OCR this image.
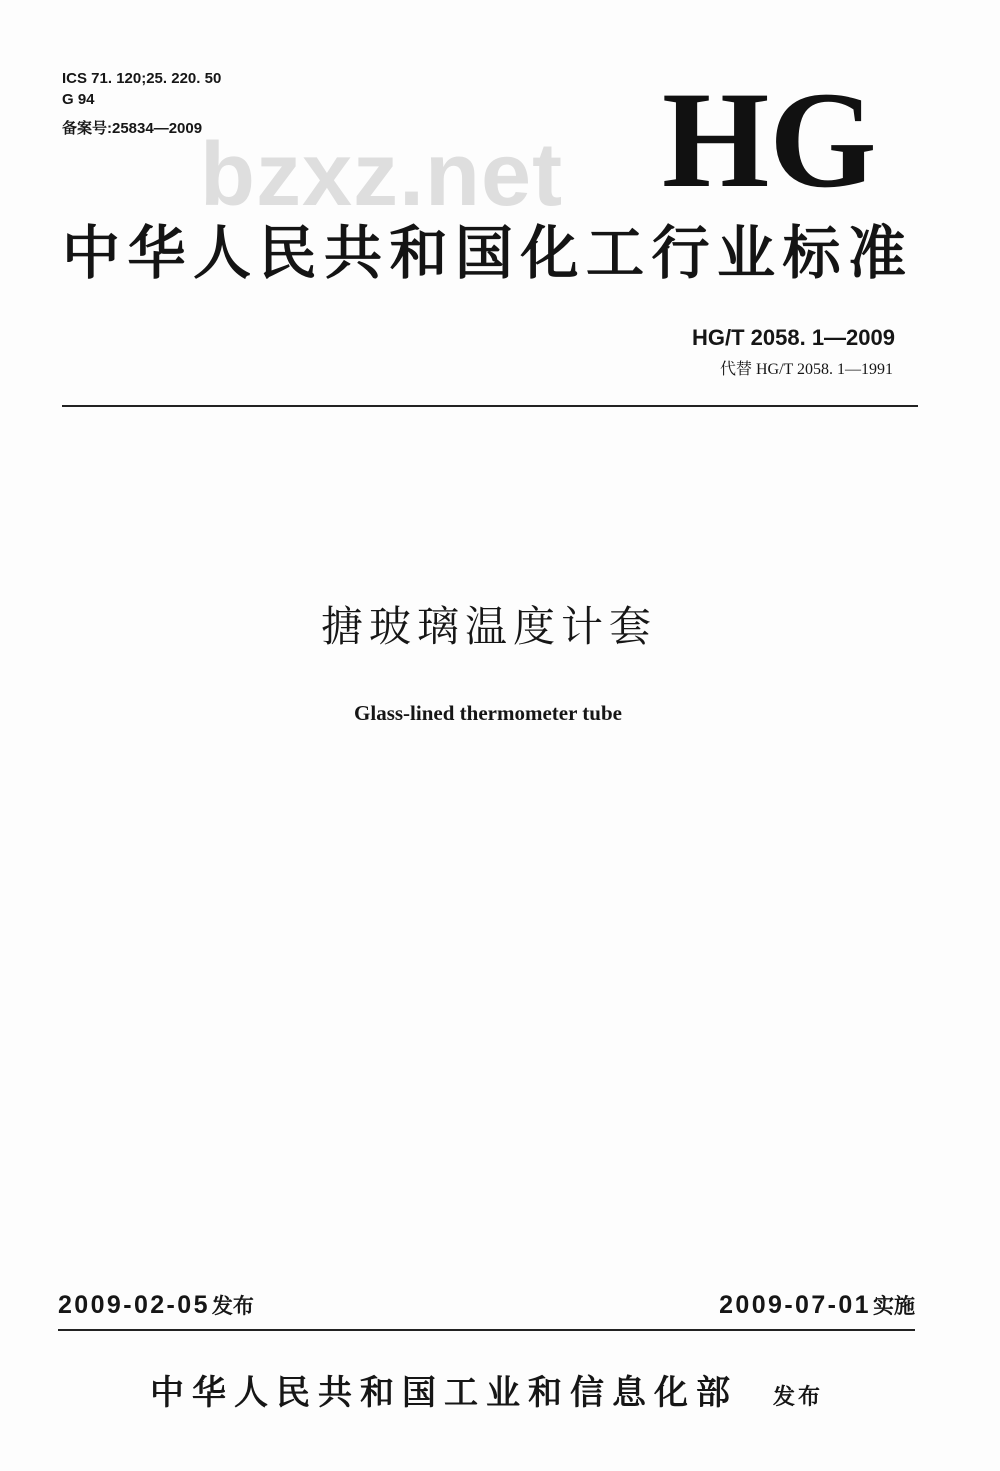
ICS 71. 120;25. 220. 50
G 94
备案号:25834—2009
bzxz.net HG
中华人民共和国化工行业标准
HG/T 2058. 1—2009
代替 HG/T 2058. 1—1991
搪玻璃温度计套
Glass-lined thermometer tube
2009-02-05发布	2009-07-01实施
中华人民共和国工业和信息化部 发布
